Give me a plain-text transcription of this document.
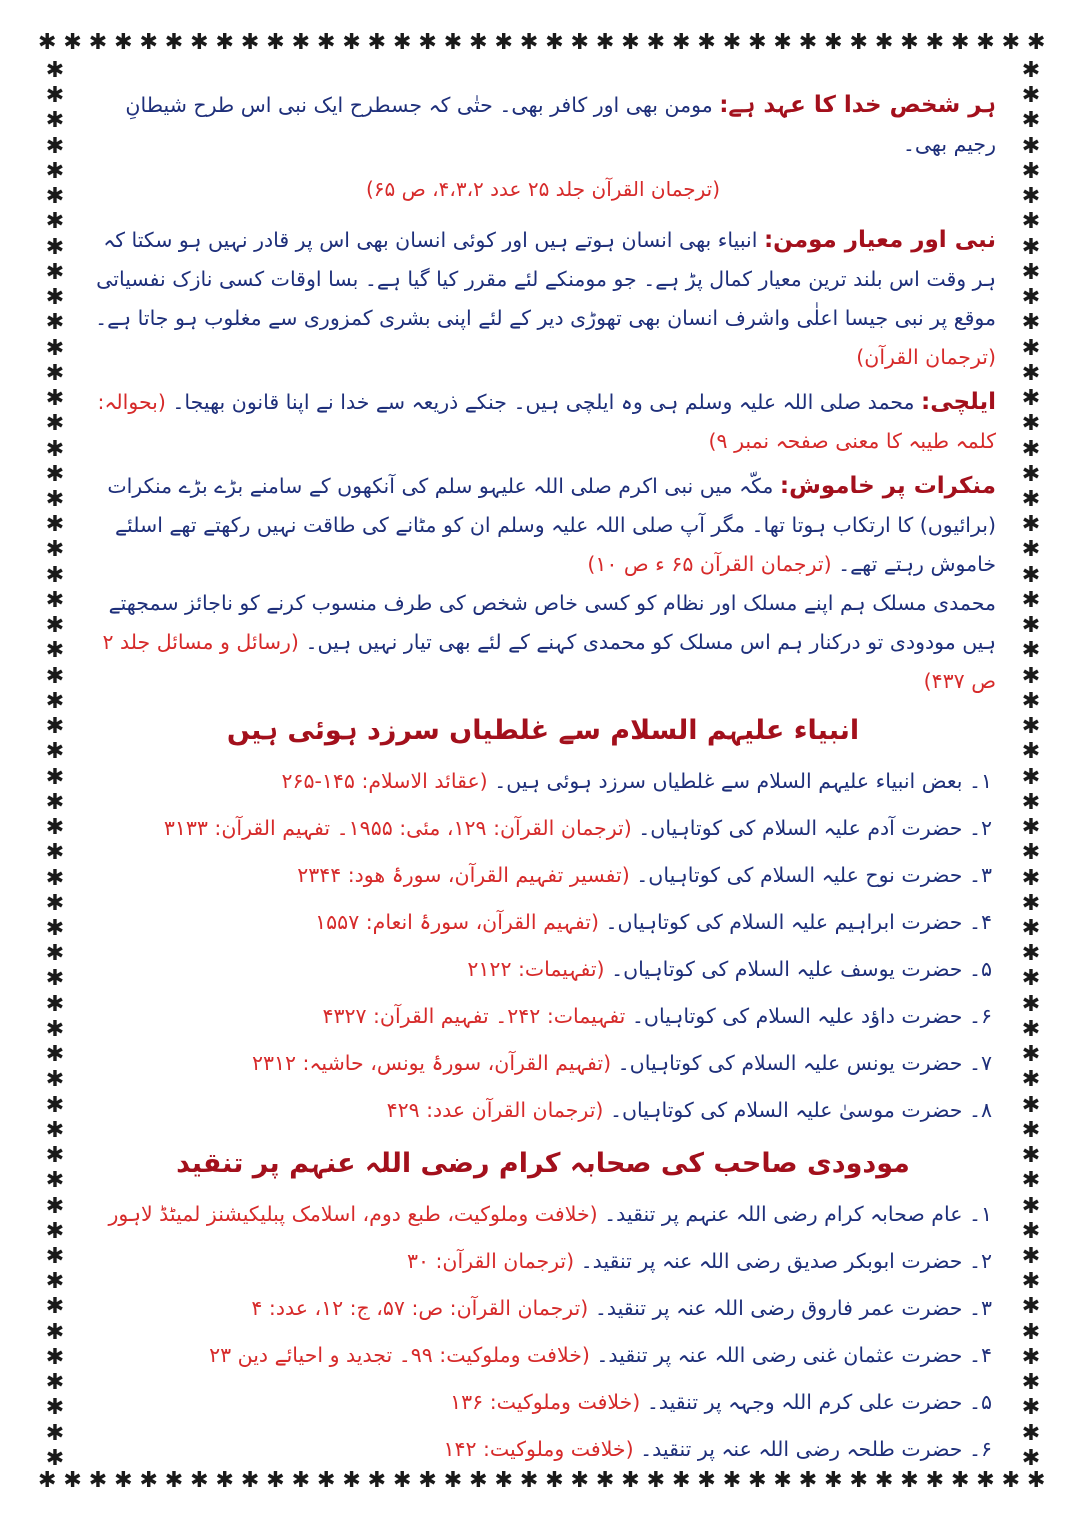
✱ ✱ ✱ ✱ ✱ ✱ ✱ ✱ ✱ ✱ ✱ ✱ ✱ ✱ ✱ ✱ ✱ ✱ ✱ ✱ ✱ ✱ ✱ ✱ ✱ ✱ ✱ ✱ ✱ ✱ ✱ ✱ ✱ ✱ ✱ ✱ ✱ ✱ ✱ ✱
✱ ✱ ✱ ✱ ✱ ✱ ✱ ✱ ✱ ✱ ✱ ✱ ✱ ✱ ✱ ✱ ✱ ✱ ✱ ✱ ✱ ✱ ✱ ✱ ✱ ✱ ✱ ✱ ✱ ✱ ✱ ✱ ✱ ✱ ✱ ✱ ✱ ✱ ✱ ✱
✱
✱
✱
✱
✱
✱
✱
✱
✱
✱
✱
✱
✱
✱
✱
✱
✱
✱
✱
✱
✱
✱
✱
✱
✱
✱
✱
✱
✱
✱
✱
✱
✱
✱
✱
✱
✱
✱
✱
✱
✱
✱
✱
✱
✱
✱
✱
✱
✱
✱
✱
✱
✱
✱
✱
✱
✱
✱
✱
✱
✱
✱
✱
✱
✱
✱
✱
✱
✱
✱
✱
✱
✱
✱
✱
✱
✱
✱
✱
✱
✱
✱
✱
✱
✱
✱
✱
✱
✱
✱
✱
✱
✱
✱
✱
✱
✱
✱
✱
✱
✱
✱
✱
✱
✱
✱
✱
✱
✱
✱
✱
✱

ہر شخص خدا کا عہد ہے: مومن بھی اور کافر بھی۔ حتٰی کہ جسطرح ایک نبی اس طرح شیطانِ رجیم بھی۔

(ترجمان القرآن جلد ۲۵ عدد ۴،۳،۲، ص ۶۵)

نبی اور معیار مومن: انبیاء بھی انسان ہوتے ہیں اور کوئی انسان بھی اس پر قادر نہیں ہو سکتا کہ ہر وقت اس بلند ترین معیار کمال پڑ ہے۔ جو مومنکے لئے مقرر کیا گیا ہے۔ بسا اوقات کسی نازک نفسیاتی موقع پر نبی جیسا اعلٰی واشرف انسان بھی تھوڑی دیر کے لئے اپنی بشری کمزوری سے مغلوب ہو جاتا ہے۔ (ترجمان القرآن)

ایلچی: محمد صلی اللہ علیہ وسلم ہی وہ ایلچی ہیں۔ جنکے ذریعہ سے خدا نے اپنا قانون بھیجا۔ (بحوالہ: کلمہ طیبہ کا معنی صفحہ نمبر ۹)

منکرات پر خاموش: مکّہ میں نبی اکرم صلی اللہ علیہو سلم کی آنکھوں کے سامنے بڑے بڑے منکرات (برائیوں) کا ارتکاب ہوتا تھا۔ مگر آپ صلی اللہ علیہ وسلم ان کو مٹانے کی طاقت نہیں رکھتے تھے اسلئے خاموش رہتے تھے۔ (ترجمان القرآن ۶۵ ء ص ۱۰)

محمدی مسلک ہم اپنے مسلک اور نظام کو کسی خاص شخص کی طرف منسوب کرنے کو ناجائز سمجھتے ہیں مودودی تو درکنار ہم اس مسلک کو محمدی کہنے کے لئے بھی تیار نہیں ہیں۔ (رسائل و مسائل جلد ۲ ص ۴۳۷)

انبیاء علیہم السلام سے غلطیاں سرزد ہوئی ہیں

۱۔ بعض انبیاء علیہم السلام سے غلطیاں سرزد ہوئی ہیں۔ (عقائد الاسلام: ۱۴۵-۲۶۵

۲۔ حضرت آدم علیہ السلام کی کوتاہیاں۔ (ترجمان القرآن: ۱۲۹، مئی: ۱۹۵۵۔ تفہیم القرآن: ۳۱۳۳

۳۔ حضرت نوح علیہ السلام کی کوتاہیاں۔ (تفسیر تفہیم القرآن، سورۂ ھود: ۲۳۴۴

۴۔ حضرت ابراہیم علیہ السلام کی کوتاہیاں۔ (تفہیم القرآن، سورۂ انعام: ۱۵۵۷

۵۔ حضرت یوسف علیہ السلام کی کوتاہیاں۔ (تفہیمات: ۲۱۲۲

۶۔ حضرت داؤد علیہ السلام کی کوتاہیاں۔ تفہیمات: ۲۴۲۔ تفہیم القرآن: ۴۳۲۷

۷۔ حضرت یونس علیہ السلام کی کوتاہیاں۔ (تفہیم القرآن، سورۂ یونس، حاشیہ: ۲۳۱۲

۸۔ حضرت موسیٰ علیہ السلام کی کوتاہیاں۔ (ترجمان القرآن عدد: ۴۲۹

مودودی صاحب کی صحابہ کرام رضی اللہ عنہم پر تنقید

۱۔ عام صحابہ کرام رضی اللہ عنہم پر تنقید۔ (خلافت وملوکیت، طبع دوم، اسلامک پبلیکیشنز لمیٹڈ لاہور

۲۔ حضرت ابوبکر صدیق رضی اللہ عنہ پر تنقید۔ (ترجمان القرآن: ۳۰

۳۔ حضرت عمر فاروق رضی اللہ عنہ پر تنقید۔ (ترجمان القرآن: ص: ۵۷، ج: ۱۲، عدد: ۴

۴۔ حضرت عثمان غنی رضی اللہ عنہ پر تنقید۔ (خلافت وملوکیت: ۹۹۔ تجدید و احیائے دین ۲۳

۵۔ حضرت علی کرم اللہ وجہہ پر تنقید۔ (خلافت وملوکیت: ۱۳۶

۶۔ حضرت طلحہ رضی اللہ عنہ پر تنقید۔ (خلافت وملوکیت: ۱۴۲
